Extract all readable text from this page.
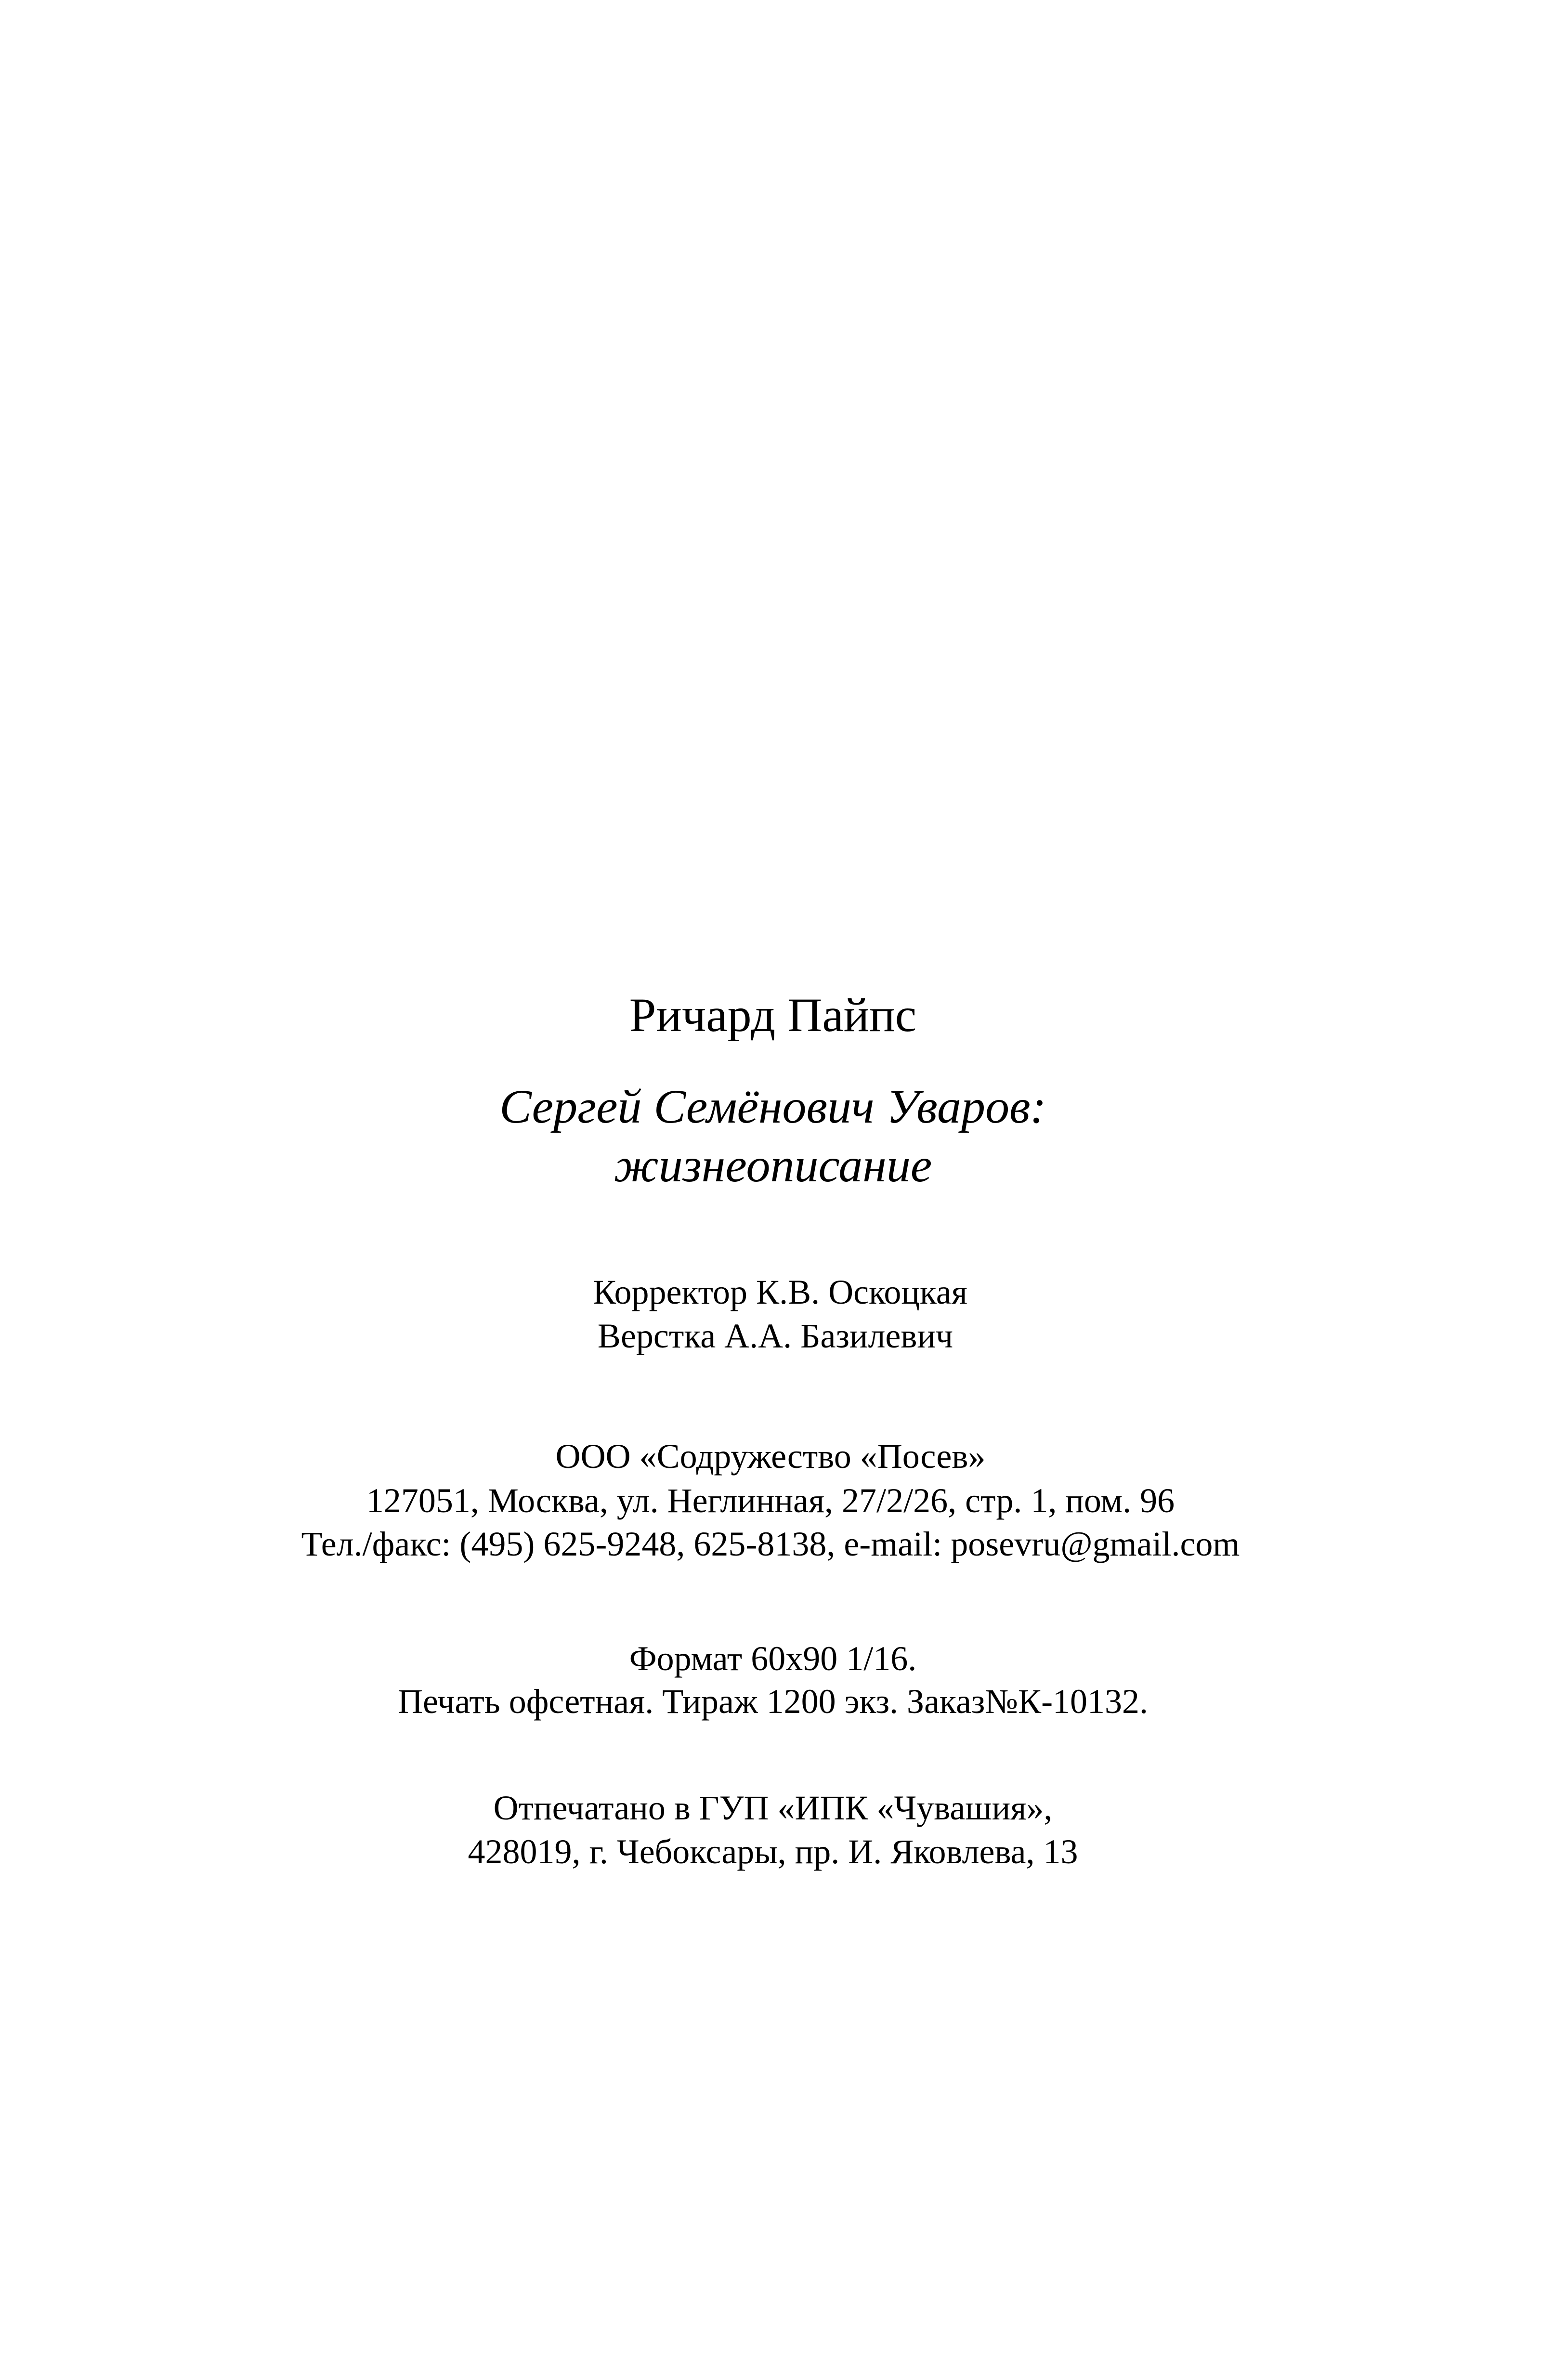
Ричард Пайпс
Сергей Семёнович Уваров:
жизнеописание
Корректор К.В. Оскоцкая
Верстка А.А. Базилевич
ООО «Содружество «Посев»
127051, Москва, ул. Неглинная, 27/2/26, стр. 1, пом. 96
Тел./факс: (495) 625-9248, 625-8138, e-mail: posevru@gmail.com
Формат 60x90 1/16.
Печать офсетная. Тираж 1200 экз. Заказ№К-10132.
Отпечатано в ГУП «ИПК «Чувашия»,
428019, г. Чебоксары, пр. И. Яковлева, 13
